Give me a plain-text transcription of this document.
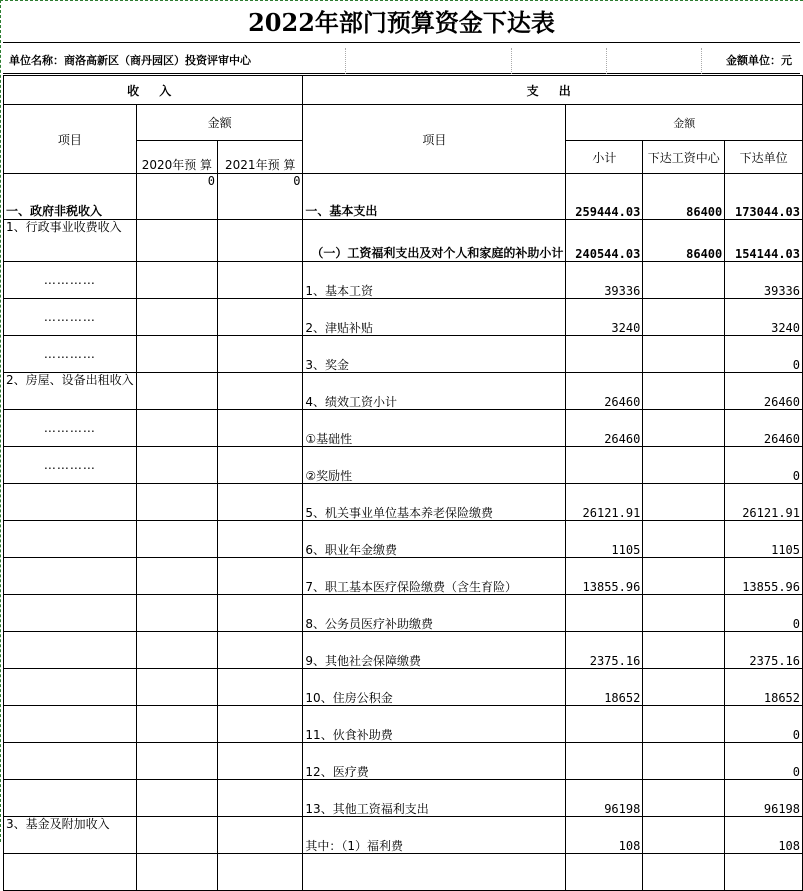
2022年部门预算资金下达表
单位名称：商洛高新区（商丹园区）投资评审中心	金额单位：元
收 入			支 出			
项目	金额		项目	金额		
	2020年预 算	2021年预 算		小计	下达工资中心	下达单位
一、政府非税收入	0	0	一、基本支出	259444.03	86400	173044.03
1、行政事业收费收入			（一）工资福利支出及对个人和家庭的补助小计	240544.03	86400	154144.03
…………			1、基本工资	39336		39336
…………			2、津贴补贴	3240		3240
…………			3、奖金			0
2、房屋、设备出租收入			4、绩效工资小计	26460		26460
…………			①基础性	26460		26460
…………			②奖励性			0
			5、机关事业单位基本养老保险缴费	26121.91		26121.91
			6、职业年金缴费	1105		1105
			7、职工基本医疗保险缴费（含生育险）	13855.96		13855.96
			8、公务员医疗补助缴费			0
			9、其他社会保障缴费	2375.16		2375.16
			10、住房公积金	18652		18652
			11、伙食补助费			0
			12、医疗费			0
			13、其他工资福利支出	96198		96198
3、基金及附加收入			其中：（1）福利费	108		108
